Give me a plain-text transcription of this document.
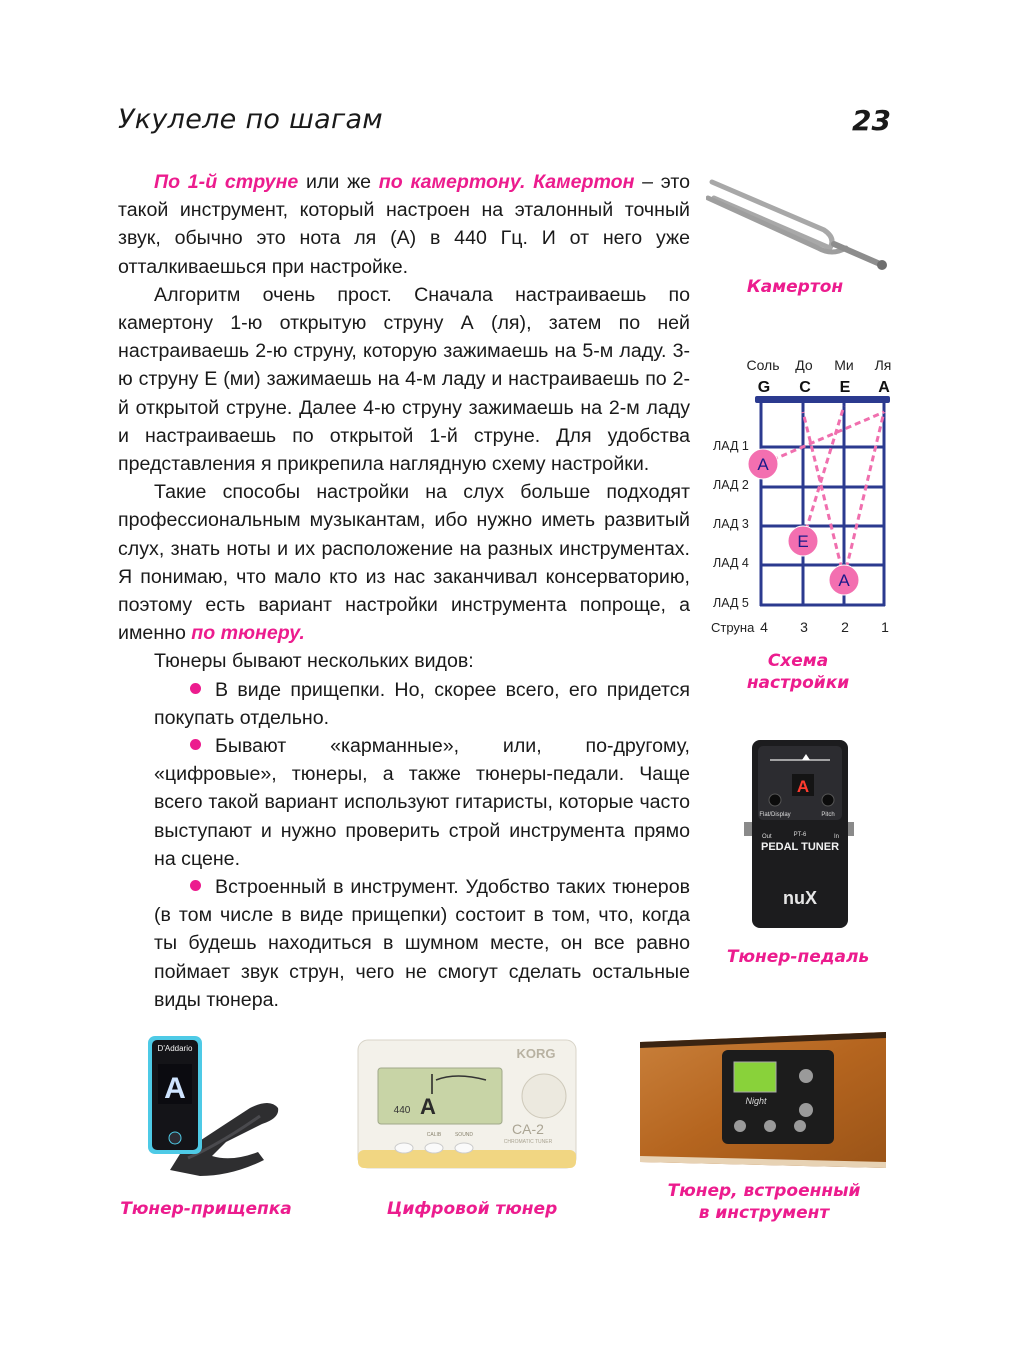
Укулеле по шагам	23

По 1-й струне или же по камертону. Камертон – это такой инструмент, который настроен на эталонный точный звук, обычно это нота ля (А) в 440 Гц. И от него уже отталкиваешься при настройке.

Алгоритм очень прост. Сначала настраиваешь по камертону 1-ю открытую струну А (ля), затем по ней настраиваешь 2-ю струну, которую зажимаешь на 5-м ладу. 3-ю струну Е (ми) зажимаешь на 4-м ладу и настраиваешь по 2-й открытой струне. Далее 4-ю струну зажимаешь на 2-м ладу и настраиваешь по открытой 1-й струне. Для удобства представления я прикрепила наглядную схему настройки.

Такие способы настройки на слух больше подходят профессиональным музыкантам, ибо нужно иметь развитый слух, знать ноты и их расположение на разных инструментах. Я понимаю, что мало кто из нас заканчивал консерваторию, поэтому есть вариант настройки инструмента попроще, а именно по тюнеру.

Тюнеры бывают нескольких видов:

В виде прищепки. Но, скорее всего, его придется покупать отдельно.

Бывают «карманные», или, по-другому, «цифровые», тюнеры, а также тюнеры-педали. Чаще всего такой вариант используют гитаристы, которые часто выступают и нужно проверить строй инструмента прямо на сцене.

Встроенный в инструмент. Удобство таких тюнеров (в том числе в виде прищепки) состоит в том, что, когда ты будешь находиться в шумном месте, он все равно поймает звук струн, чего не смогут сделать остальные виды тюнера.

Камертон
Соль До Ми Ля
G C E A
ЛАД 1
ЛАД 2
ЛАД 3
ЛАД 4
ЛАД 5
A
E
A
Струна 4 3 2 1
Схема
настройки
A
Flat/Display	Pitch
Out	In
PT-6
PEDAL TUNER
nuX
Тюнер-педаль
D'Addario
A
Тюнер-прищепка
KORG
440 A
CA-2
CHROMATIC TUNER
CALIB	SOUND
Цифровой тюнер
Night
Тюнер, встроенный
в инструмент
